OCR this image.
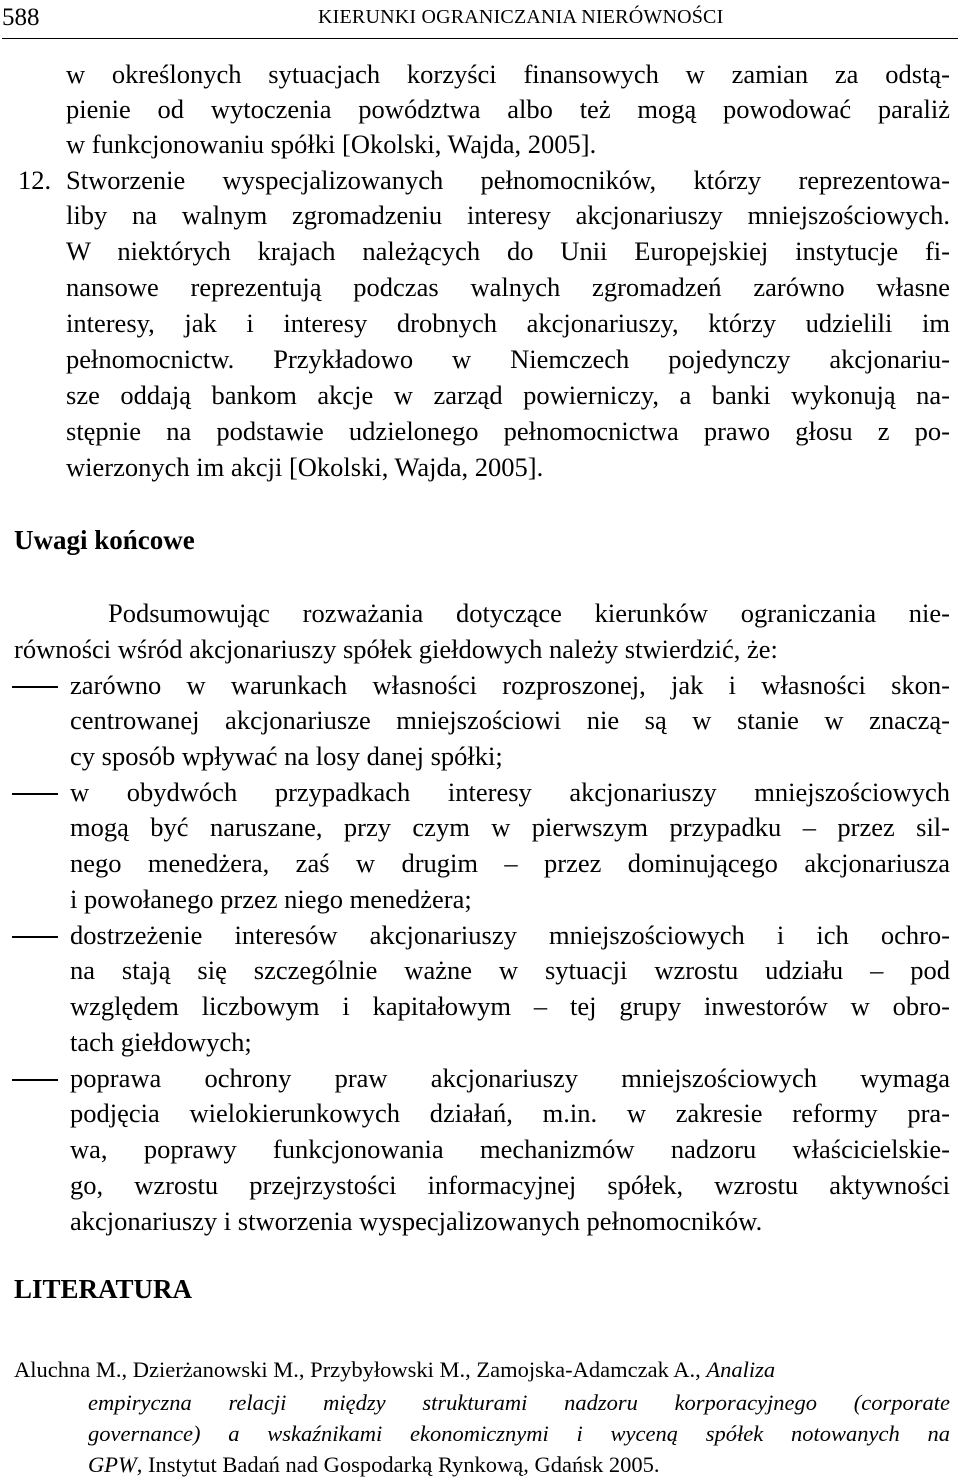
588	KIERUNKI OGRANICZANIA NIERÓWNOŚCI
w określonych sytuacjach korzyści finansowych w zamian za odstą-
pienie od wytoczenia powództwa albo też mogą powodować paraliż
w funkcjonowaniu spółki [Okolski, Wajda, 2005].
12. Stworzenie wyspecjalizowanych pełnomocników, którzy reprezentowa-
liby na walnym zgromadzeniu interesy akcjonariuszy mniejszościowych.
W niektórych krajach należących do Unii Europejskiej instytucje fi-
nansowe reprezentują podczas walnych zgromadzeń zarówno własne
interesy, jak i interesy drobnych akcjonariuszy, którzy udzielili im
pełnomocnictw. Przykładowo w Niemczech pojedynczy akcjonariu-
sze oddają bankom akcje w zarząd powierniczy, a banki wykonują na-
stępnie na podstawie udzielonego pełnomocnictwa prawo głosu z po-
wierzonych im akcji [Okolski, Wajda, 2005].
Uwagi końcowe
Podsumowując rozważania dotyczące kierunków ograniczania nie-
równości wśród akcjonariuszy spółek giełdowych należy stwierdzić, że:
zarówno w warunkach własności rozproszonej, jak i własności skon-
centrowanej akcjonariusze mniejszościowi nie są w stanie w znaczą-
cy sposób wpływać na losy danej spółki;
w obydwóch przypadkach interesy akcjonariuszy mniejszościowych
mogą być naruszane, przy czym w pierwszym przypadku – przez sil-
nego menedżera, zaś w drugim – przez dominującego akcjonariusza
i powołanego przez niego menedżera;
dostrzeżenie interesów akcjonariuszy mniejszościowych i ich ochro-
na stają się szczególnie ważne w sytuacji wzrostu udziału – pod
względem liczbowym i kapitałowym – tej grupy inwestorów w obro-
tach giełdowych;
poprawa ochrony praw akcjonariuszy mniejszościowych wymaga
podjęcia wielokierunkowych działań, m.in. w zakresie reformy pra-
wa, poprawy funkcjonowania mechanizmów nadzoru właścicielskie-
go, wzrostu przejrzystości informacyjnej spółek, wzrostu aktywności
akcjonariuszy i stworzenia wyspecjalizowanych pełnomocników.
LITERATURA
Aluchna M., Dzierżanowski M., Przybyłowski M., Zamojska-Adamczak A., Analiza
empiryczna relacji między strukturami nadzoru korporacyjnego (corporate
governance) a wskaźnikami ekonomicznymi i wyceną spółek notowanych na
GPW, Instytut Badań nad Gospodarką Rynkową, Gdańsk 2005.
